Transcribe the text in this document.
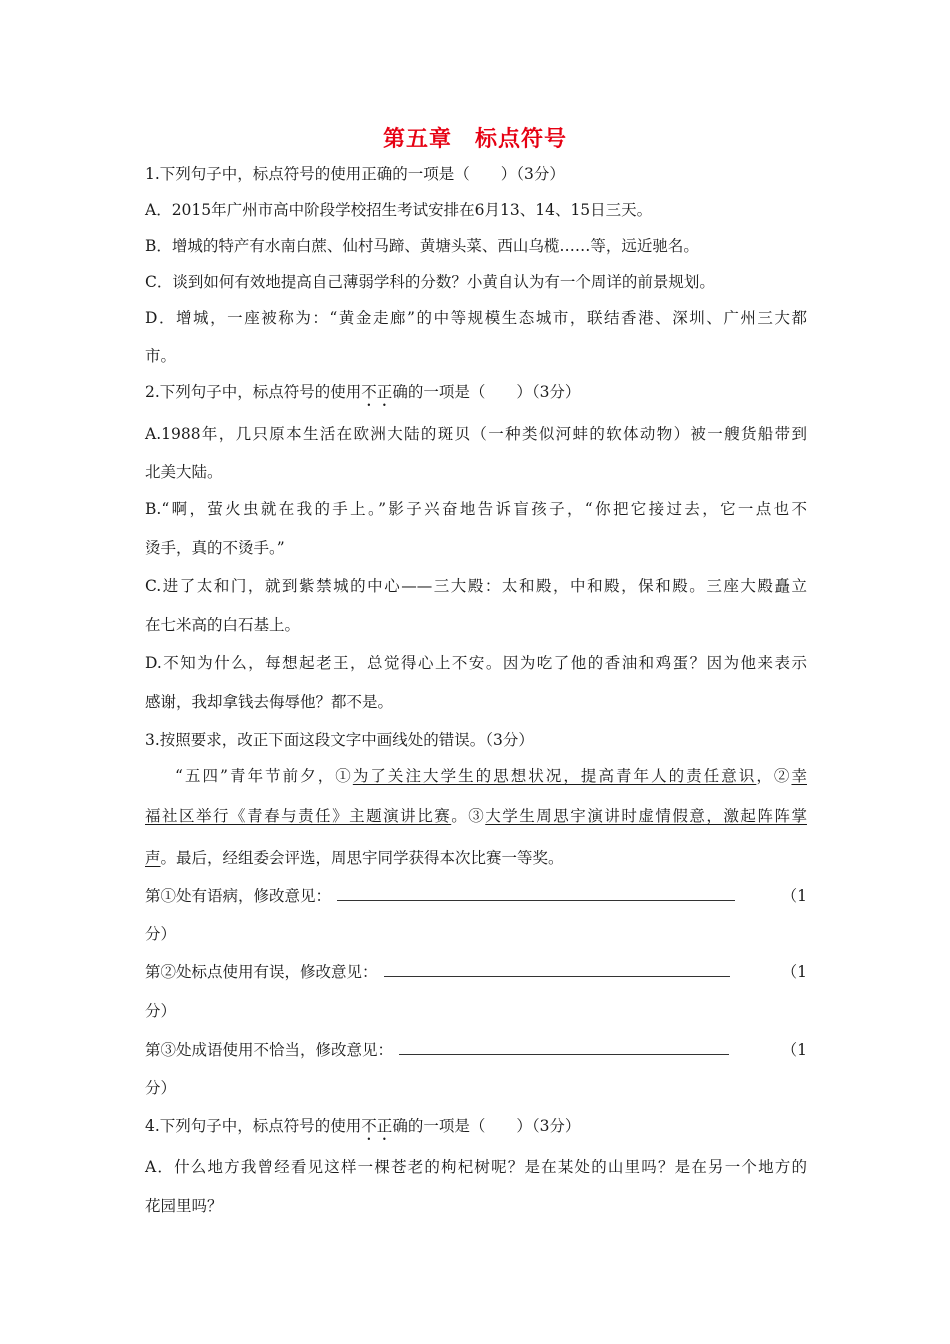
第五章　标点符号
1.下列句子中，标点符号的使用正确的一项是（　　）（3分）
A．2015年广州市高中阶段学校招生考试安排在6月13、14、15日三天。
B．增城的特产有水南白蔗、仙村马蹄、黄塘头菜、西山乌榄……等，远近驰名。
C．谈到如何有效地提高自己薄弱学科的分数？小黄自认为有一个周详的前景规划。
D．增城，一座被称为：“黄金走廊”的中等规模生态城市，联结香港、深圳、广州三大都
市。
2.下列句子中，标点符号的使用不正确的一项是（　　）（3分）
A.1988年，几只原本生活在欧洲大陆的斑贝（一种类似河蚌的软体动物）被一艘货船带到
北美大陆。
B.“啊，萤火虫就在我的手上。”影子兴奋地告诉盲孩子，“你把它接过去，它一点也不
烫手，真的不烫手。”
C.进了太和门，就到紫禁城的中心——三大殿：太和殿，中和殿，保和殿。三座大殿矗立
在七米高的白石基上。
D.不知为什么，每想起老王，总觉得心上不安。因为吃了他的香油和鸡蛋？因为他来表示
感谢，我却拿钱去侮辱他？都不是。
3.按照要求，改正下面这段文字中画线处的错误。（3分）
“五四”青年节前夕，①为了关注大学生的思想状况，提高青年人的责任意识，②幸
福社区举行《青春与责任》主题演讲比赛。③大学生周思宇演讲时虚情假意，激起阵阵掌
声。最后，经组委会评选，周思宇同学获得本次比赛一等奖。
第①处有语病，修改意见：	（1
分）
第②处标点使用有误，修改意见：	（1
分）
第③处成语使用不恰当，修改意见：	（1
分）
4.下列句子中，标点符号的使用不正确的一项是（　　）（3分）
A．什么地方我曾经看见这样一棵苍老的枸杞树呢？是在某处的山里吗？是在另一个地方的
花园里吗？
